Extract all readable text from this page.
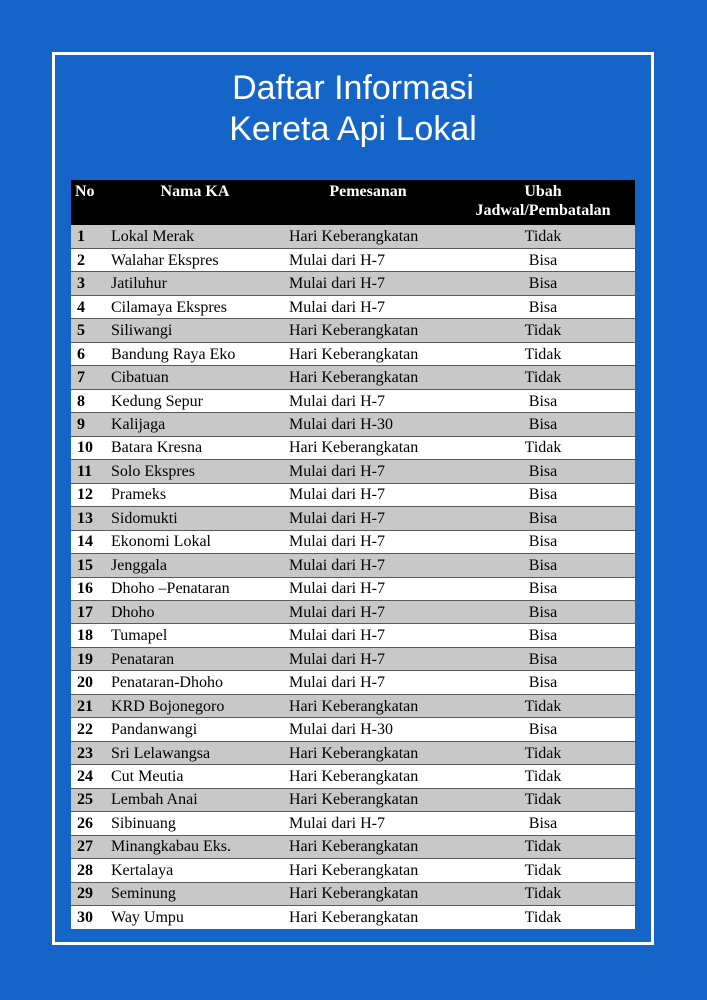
Daftar Informasi
Kereta Api Lokal
No	Nama KA	Pemesanan	Ubah
Jadwal/Pembatalan

1	Lokal Merak	Hari Keberangkatan	Tidak
2	Walahar Ekspres	Mulai dari H-7	Bisa
3	Jatiluhur	Mulai dari H-7	Bisa
4	Cilamaya Ekspres	Mulai dari H-7	Bisa
5	Siliwangi	Hari Keberangkatan	Tidak
6	Bandung Raya Eko	Hari Keberangkatan	Tidak
7	Cibatuan	Hari Keberangkatan	Tidak
8	Kedung Sepur	Mulai dari H-7	Bisa
9	Kalijaga	Mulai dari H-30	Bisa
10	Batara Kresna	Hari Keberangkatan	Tidak
11	Solo Ekspres	Mulai dari H-7	Bisa
12	Prameks	Mulai dari H-7	Bisa
13	Sidomukti	Mulai dari H-7	Bisa
14	Ekonomi Lokal	Mulai dari H-7	Bisa
15	Jenggala	Mulai dari H-7	Bisa
16	Dhoho –Penataran	Mulai dari H-7	Bisa
17	Dhoho	Mulai dari H-7	Bisa
18	Tumapel	Mulai dari H-7	Bisa
19	Penataran	Mulai dari H-7	Bisa
20	Penataran-Dhoho	Mulai dari H-7	Bisa
21	KRD Bojonegoro	Hari Keberangkatan	Tidak
22	Pandanwangi	Mulai dari H-30	Bisa
23	Sri Lelawangsa	Hari Keberangkatan	Tidak
24	Cut Meutia	Hari Keberangkatan	Tidak
25	Lembah Anai	Hari Keberangkatan	Tidak
26	Sibinuang	Mulai dari H-7	Bisa
27	Minangkabau Eks.	Hari Keberangkatan	Tidak
28	Kertalaya	Hari Keberangkatan	Tidak
29	Seminung	Hari Keberangkatan	Tidak
30	Way Umpu	Hari Keberangkatan	Tidak
